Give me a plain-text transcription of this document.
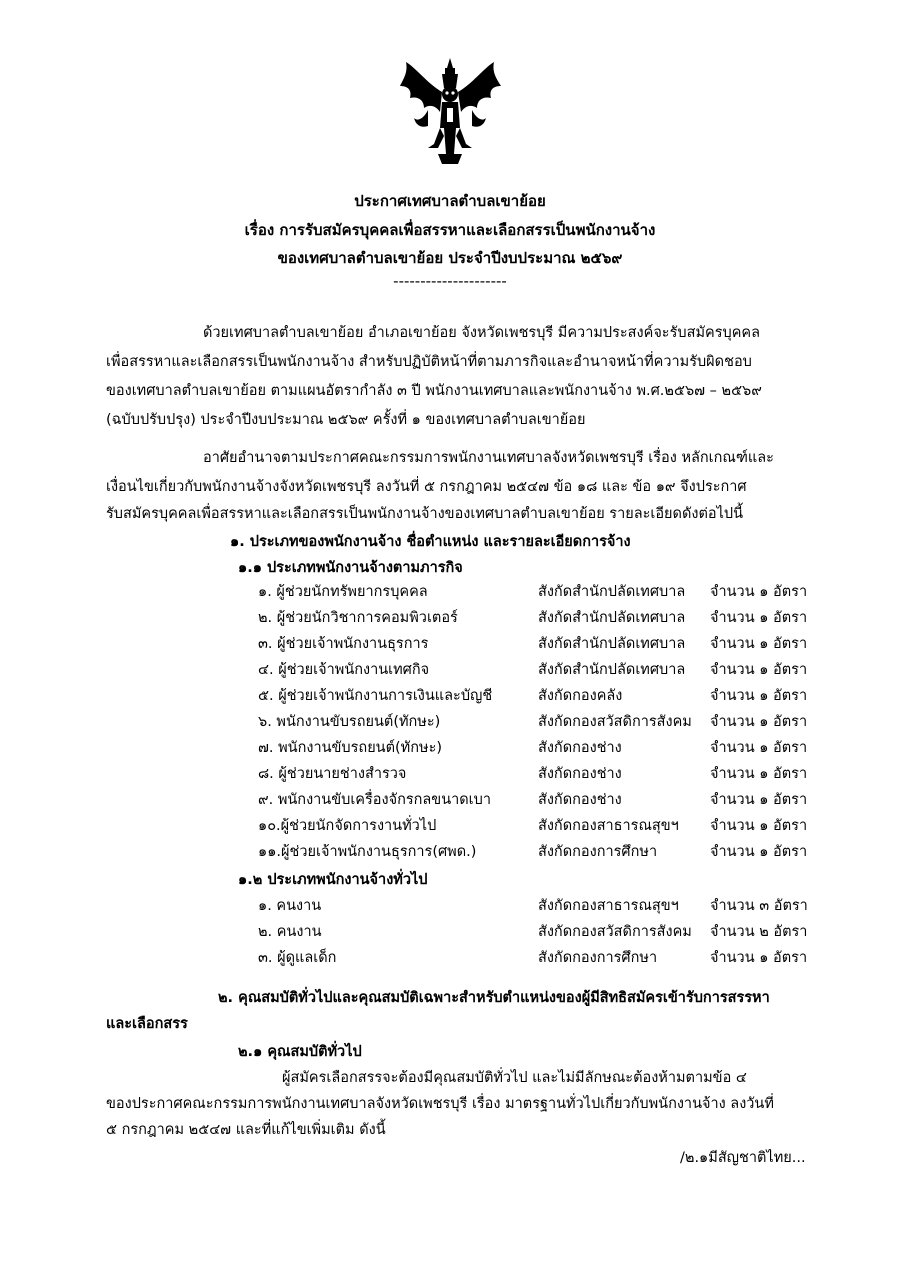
ประกาศเทศบาลตำบลเขาย้อย
เรื่อง การรับสมัครบุคคลเพื่อสรรหาและเลือกสรรเป็นพนักงานจ้าง
ของเทศบาลตำบลเขาย้อย ประจำปีงบประมาณ ๒๕๖๙
---------------------
ด้วยเทศบาลตำบลเขาย้อย อำเภอเขาย้อย จังหวัดเพชรบุรี มีความประสงค์จะรับสมัครบุคคล
เพื่อสรรหาและเลือกสรรเป็นพนักงานจ้าง สำหรับปฏิบัติหน้าที่ตามภารกิจและอำนาจหน้าที่ความรับผิดชอบ
ของเทศบาลตำบลเขาย้อย ตามแผนอัตรากำลัง ๓ ปี พนักงานเทศบาลและพนักงานจ้าง พ.ศ.๒๕๖๗ – ๒๕๖๙
(ฉบับปรับปรุง) ประจำปีงบประมาณ ๒๕๖๙ ครั้งที่ ๑ ของเทศบาลตำบลเขาย้อย
อาศัยอำนาจตามประกาศคณะกรรมการพนักงานเทศบาลจังหวัดเพชรบุรี เรื่อง หลักเกณฑ์และ
เงื่อนไขเกี่ยวกับพนักงานจ้างจังหวัดเพชรบุรี ลงวันที่ ๕ กรกฎาคม ๒๕๔๗ ข้อ ๑๘ และ ข้อ ๑๙ จึงประกาศ
รับสมัครบุคคลเพื่อสรรหาและเลือกสรรเป็นพนักงานจ้างของเทศบาลตำบลเขาย้อย รายละเอียดดังต่อไปนี้
๑. ประเภทของพนักงานจ้าง ชื่อตำแหน่ง และรายละเอียดการจ้าง
๑.๑ ประเภทพนักงานจ้างตามภารกิจ
๑. ผู้ช่วยนักทรัพยากรบุคคล	สังกัดสำนักปลัดเทศบาล จำนวน ๑ อัตรา
๒. ผู้ช่วยนักวิชาการคอมพิวเตอร์	สังกัดสำนักปลัดเทศบาล จำนวน ๑ อัตรา
๓. ผู้ช่วยเจ้าพนักงานธุรการ	สังกัดสำนักปลัดเทศบาล จำนวน ๑ อัตรา
๔. ผู้ช่วยเจ้าพนักงานเทศกิจ	สังกัดสำนักปลัดเทศบาล จำนวน ๑ อัตรา
๕. ผู้ช่วยเจ้าพนักงานการเงินและบัญชี	สังกัดกองคลัง	จำนวน ๑ อัตรา
๖. พนักงานขับรถยนต์(ทักษะ)	สังกัดกองสวัสดิการสังคม จำนวน ๑ อัตรา
๗. พนักงานขับรถยนต์(ทักษะ)	สังกัดกองช่าง	จำนวน ๑ อัตรา
๘. ผู้ช่วยนายช่างสำรวจ	สังกัดกองช่าง	จำนวน ๑ อัตรา
๙. พนักงานขับเครื่องจักรกลขนาดเบา	สังกัดกองช่าง	จำนวน ๑ อัตรา
๑๐.ผู้ช่วยนักจัดการงานทั่วไป	สังกัดกองสาธารณสุขฯ จำนวน ๑ อัตรา
๑๑.ผู้ช่วยเจ้าพนักงานธุรการ(ศพด.)	สังกัดกองการศึกษา	จำนวน ๑ อัตรา
๑.๒ ประเภทพนักงานจ้างทั่วไป
๑. คนงาน	สังกัดกองสาธารณสุขฯ จำนวน ๓ อัตรา
๒. คนงาน	สังกัดกองสวัสดิการสังคม จำนวน ๒ อัตรา
๓. ผู้ดูแลเด็ก	สังกัดกองการศึกษา	จำนวน ๑ อัตรา
๒. คุณสมบัติทั่วไปและคุณสมบัติเฉพาะสำหรับตำแหน่งของผู้มีสิทธิสมัครเข้ารับการสรรหา
และเลือกสรร
๒.๑ คุณสมบัติทั่วไป
ผู้สมัครเลือกสรรจะต้องมีคุณสมบัติทั่วไป และไม่มีลักษณะต้องห้ามตามข้อ ๔
ของประกาศคณะกรรมการพนักงานเทศบาลจังหวัดเพชรบุรี เรื่อง มาตรฐานทั่วไปเกี่ยวกับพนักงานจ้าง ลงวันที่
๕ กรกฎาคม ๒๕๔๗ และที่แก้ไขเพิ่มเติม ดังนี้
/๒.๑มีสัญชาติไทย...
